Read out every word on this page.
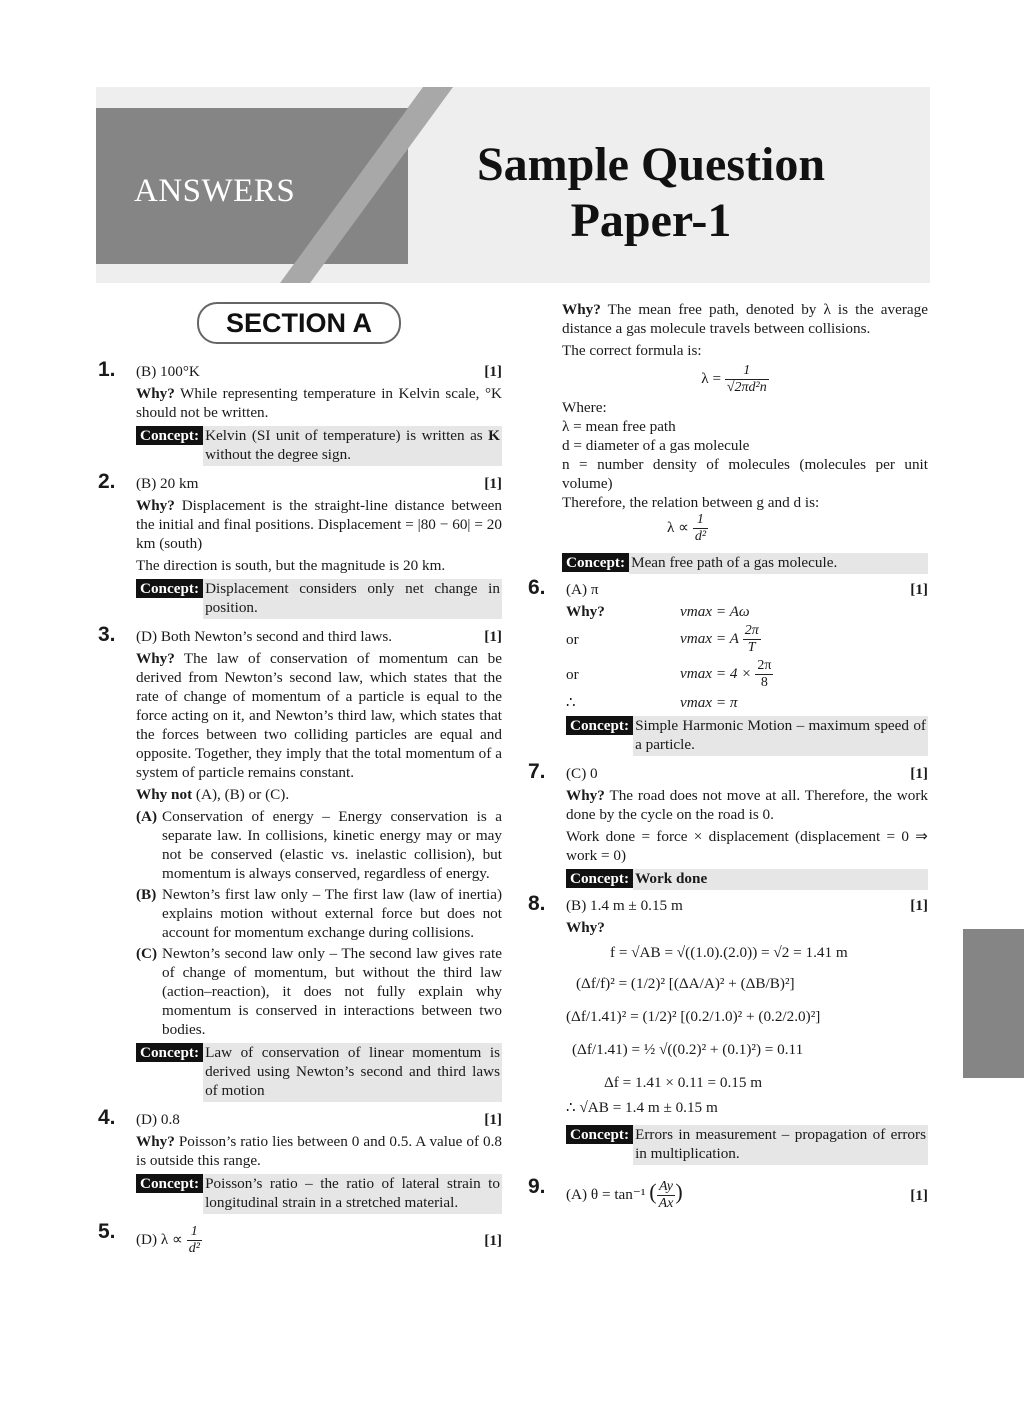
ANSWERS	Sample Question
Paper-1
SECTION A
1. (B) 100°K	[1]

Why? While representing temperature in Kelvin scale, °K should not be written.

Concept: Kelvin (SI unit of temperature) is written as K without the degree sign.
2. (B) 20 km	[1]

Why? Displacement is the straight-line distance between the initial and final positions. Displacement = |80 − 60| = 20 km (south)

The direction is south, but the magnitude is 20 km.

Concept: Displacement considers only net change in position.
3. (D) Both Newton’s second and third laws.	[1]

Why? The law of conservation of momentum can be derived from Newton’s second law, which states that the rate of change of momentum of a particle is equal to the force acting on it, and Newton’s third law, which states that the forces between two colliding particles are equal and opposite. Together, they imply that the total momentum of a system of particle remains constant.

Why not (A), (B) or (C).

(A) Conservation of energy – Energy conservation is a separate law. In collisions, kinetic energy may or may not be conserved (elastic vs. inelastic collision), but momentum is always conserved, regardless of energy.
(B) Newton’s first law only – The first law (law of inertia) explains motion without external force but does not account for momentum exchange during collisions.
(C) Newton’s second law only – The second law gives rate of change of momentum, but without the third law (action–reaction), it does not fully explain why momentum is conserved in interactions between two bodies.
Concept: Law of conservation of linear momentum is derived using Newton’s second and third laws of motion
4. (D) 0.8	[1]

Why? Poisson’s ratio lies between 0 and 0.5. A value of 0.8 is outside this range.

Concept: Poisson’s ratio – the ratio of lateral strain to longitudinal strain in a stretched material.
5. (D) $\lambda \propto \frac{1}{\text{d²}}$	[1]

Why? The mean free path, denoted by λ is the average distance a gas molecule travels between collisions.

The correct formula is:

$\lambda = \frac{1}{\text{√2πd²n}}$
Where:
λ = mean free path
d = diameter of a gas molecule

n = number density of molecules (molecules per unit volume)

Therefore, the relation between g and d is:
$\lambda \propto \frac{1}{\text{d²}}$
Concept: Mean free path of a gas molecule.
6. (A) π	[1]
Why?	vmax = Aω
or	vmax = A $\frac{2\pi}{T}$
or	$vmax = 4 \times \frac{2\pi}{8}$
∴	vmax = π
Concept: Simple Harmonic Motion – maximum speed of a particle.
7. (C) 0	[1]

Why? The road does not move at all. Therefore, the work done by the cycle on the road is 0.

Work done = force × displacement (displacement = 0 ⇒ work = 0)

Concept: Work done
8. (B) 1.4 m ± 0.15 m	[1]
Why?
f = √AB = √((1.0).(2.0)) = √2 = 1.41 m
(Δf/f)² = (1/2)² [(ΔA/A)² + (ΔB/B)²]
(Δf/1.41)² = (1/2)² [(0.2/1.0)² + (0.2/2.0)²]
(Δf/1.41) = ½ √((0.2)² + (0.1)²) = 0.11
Δf = 1.41 × 0.11 = 0.15 m
∴ √AB = 1.4 m ± 0.15 m
Concept: Errors in measurement – propagation of errors in multiplication.
9. (A) θ = tan⁻¹ ( $\frac{Ay}{Ax}$ )	[1]
